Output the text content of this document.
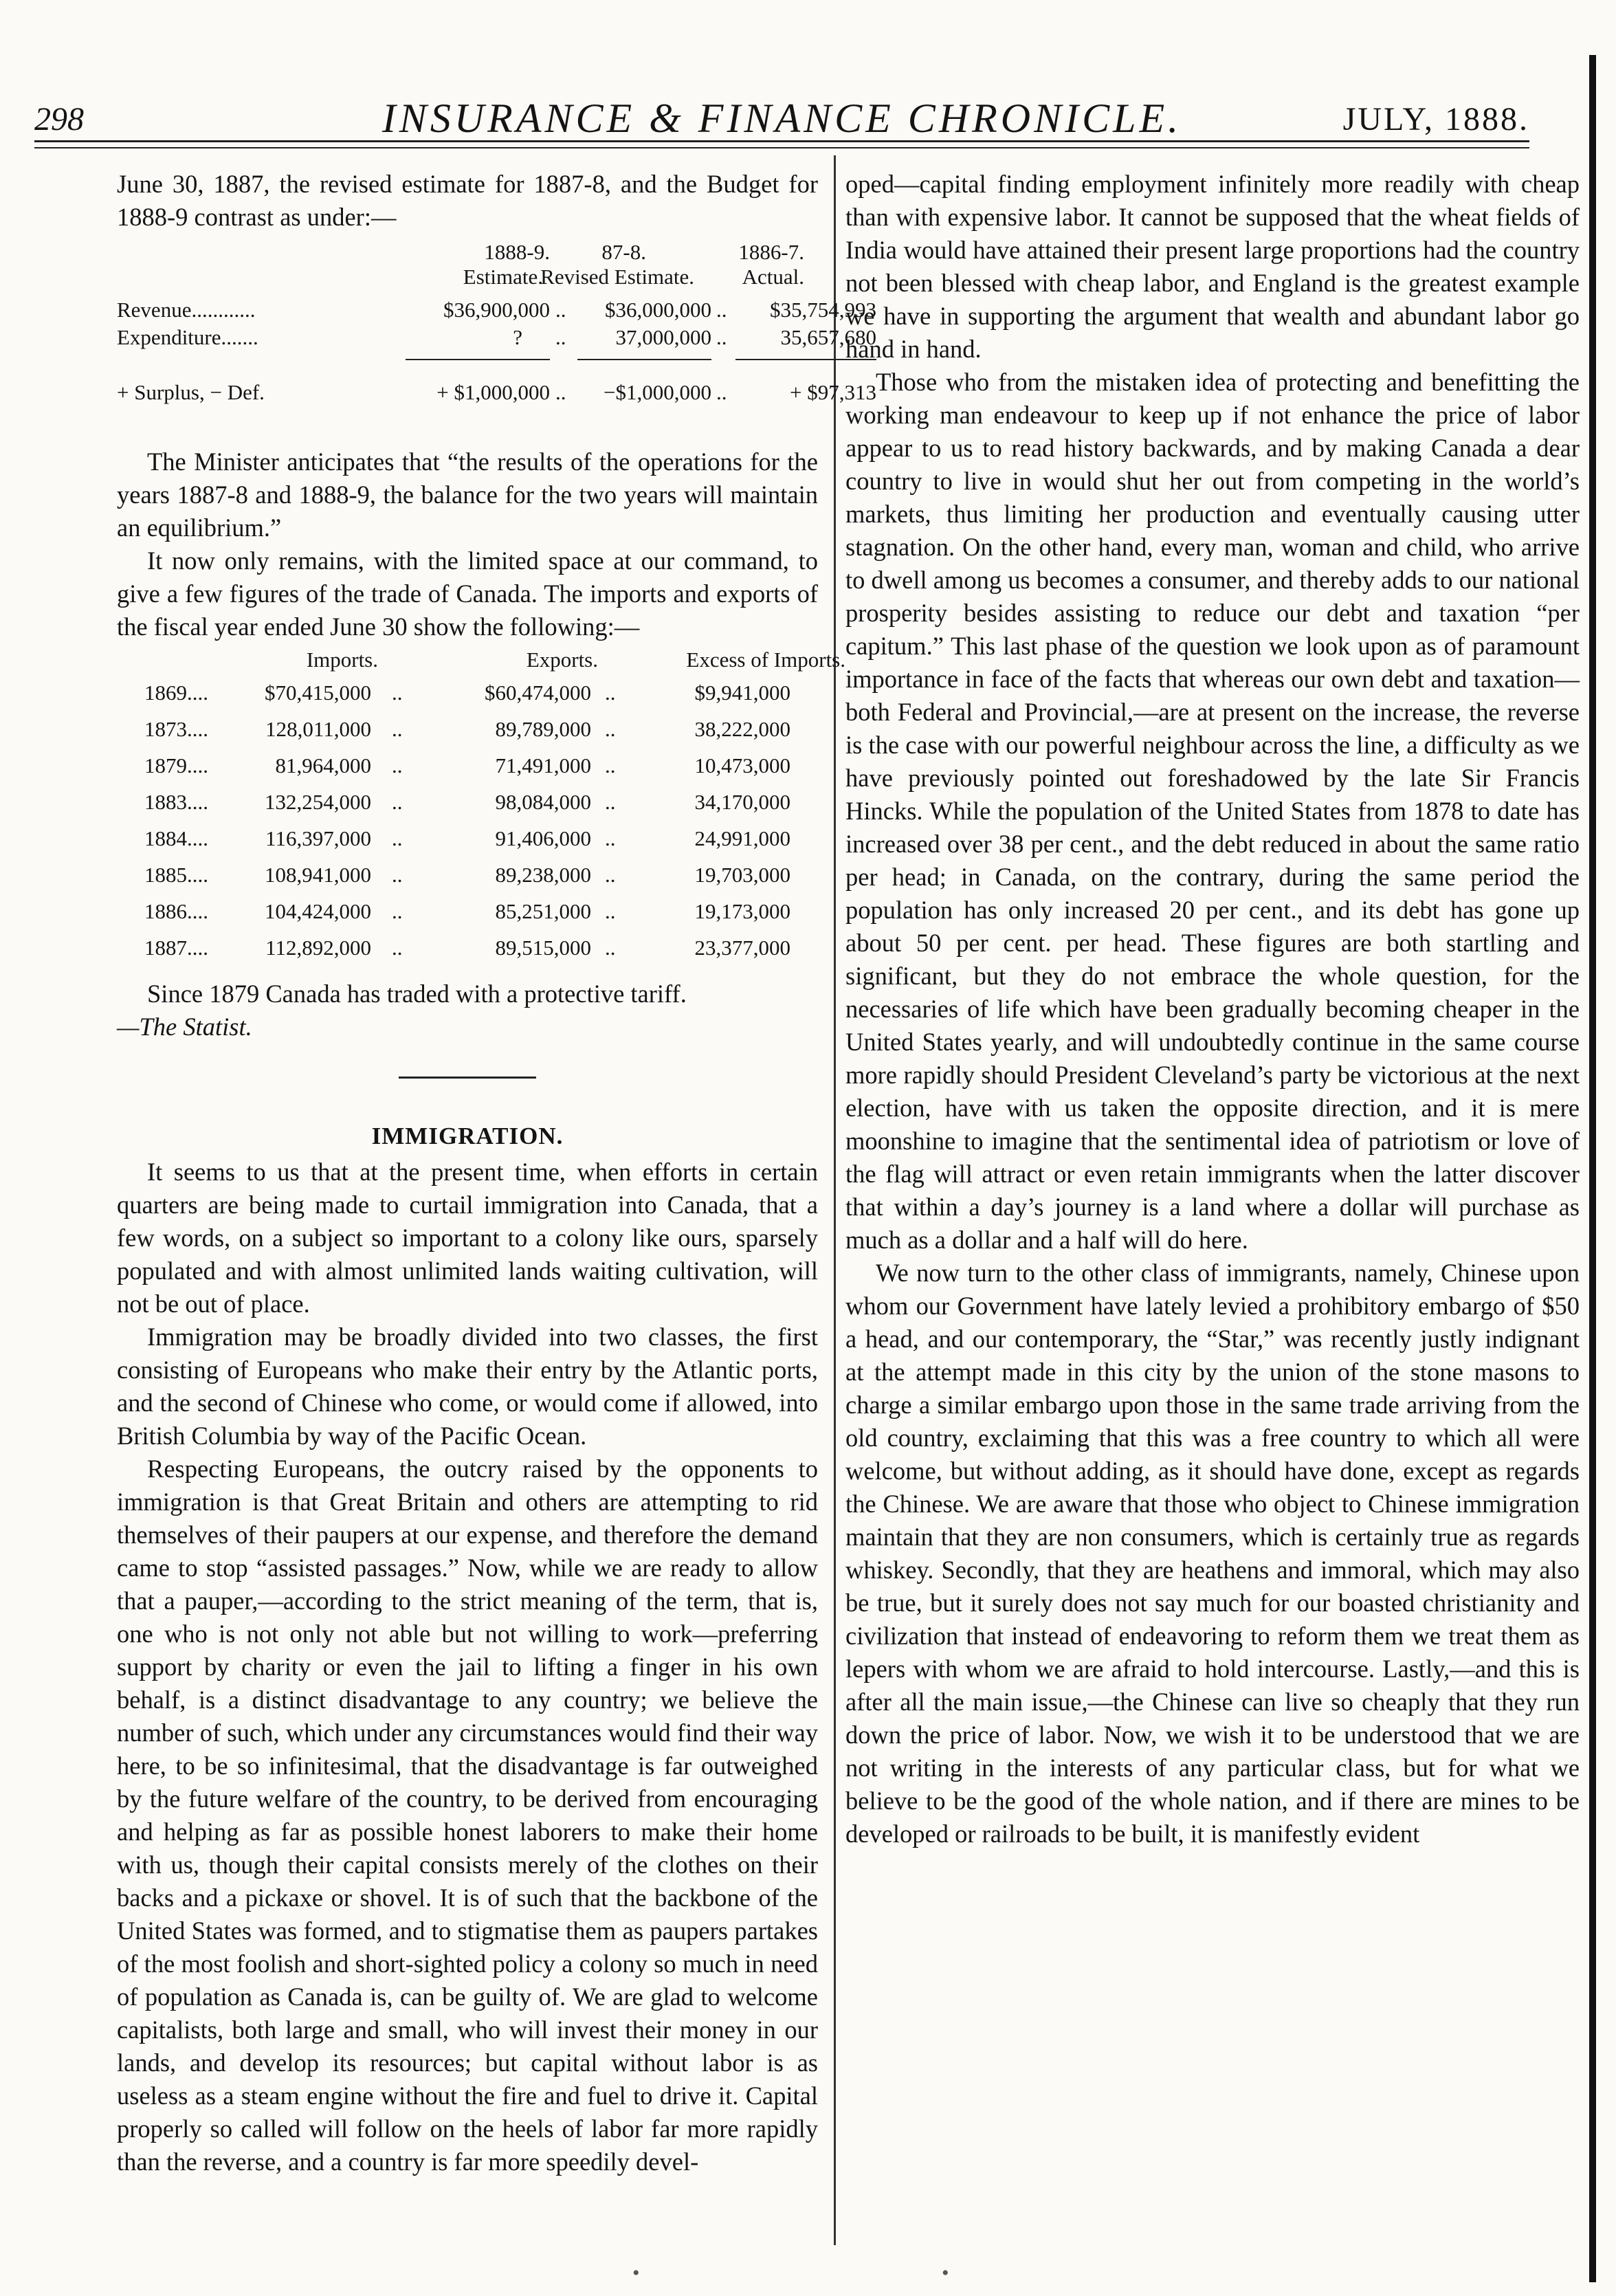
298	INSURANCE & FINANCE CHRONICLE.	JULY, 1888.

June 30, 1887, the revised estimate for 1887-8, and the Budget for 1888-9 contrast as under:—

1888-9.	87-8.	1886-7.
Estimate.
Revised Estimate.	Actual.
Revenue............	$36,900,000 ..	$36,000,000 ..	$35,754,993
Expenditure.......	? ..	37,000,000 ..	35,657,680
+ Surplus, − Def.	+ $1,000,000 ..	−$1,000,000 ..	+ $97,313

The Minister anticipates that “the results of the operations for the years 1887-8 and 1888-9, the balance for the two years will maintain an equilibrium.”

It now only remains, with the limited space at our command, to give a few figures of the trade of Canada. The imports and exports of the fiscal year ended June 30 show the following:—

Imports.	Exports.	Excess of Imports.
1869....	$70,415,000	$60,474,000	$9,941,000
..	..
1873....	128,011,000	89,789,000	38,222,000
..	..
1879....	81,964,000	71,491,000	10,473,000
..	..
1883....	132,254,000	98,084,000	34,170,000
..	..
1884....	116,397,000	91,406,000	24,991,000
..	..
1885....	108,941,000	89,238,000	19,703,000
..	..
1886....	104,424,000	85,251,000	19,173,000
..	..
1887....	112,892,000	89,515,000	23,377,000
..	..

Since 1879 Canada has traded with a protective tariff.

—The Statist.

IMMIGRATION.

It seems to us that at the present time, when efforts in certain quarters are being made to curtail immigration into Canada, that a few words, on a subject so important to a colony like ours, sparsely populated and with almost unlimited lands waiting cultivation, will not be out of place.

Immigration may be broadly divided into two classes, the first consisting of Europeans who make their entry by the Atlantic ports, and the second of Chinese who come, or would come if allowed, into British Columbia by way of the Pacific Ocean.

Respecting Europeans, the outcry raised by the opponents to immigration is that Great Britain and others are attempting to rid themselves of their paupers at our expense, and therefore the demand came to stop “assisted passages.” Now, while we are ready to allow that a pauper,—according to the strict meaning of the term, that is, one who is not only not able but not willing to work—preferring support by charity or even the jail to lifting a finger in his own behalf, is a distinct disadvantage to any country; we believe the number of such, which under any circumstances would find their way here, to be so infinitesimal, that the disadvantage is far outweighed by the future welfare of the country, to be derived from encouraging and helping as far as possible honest laborers to make their home with us, though their capital consists merely of the clothes on their backs and a pickaxe or shovel. It is of such that the backbone of the United States was formed, and to stigmatise them as paupers partakes of the most foolish and short-sighted policy a colony so much in need of population as Canada is, can be guilty of. We are glad to welcome capitalists, both large and small, who will invest their money in our lands, and develop its resources; but capital without labor is as useless as a steam engine without the fire and fuel to drive it. Capital properly so called will follow on the heels of labor far more rapidly than the reverse, and a country is far more speedily devel-

oped—capital finding employment infinitely more readily with cheap than with expensive labor. It cannot be supposed that the wheat fields of India would have attained their present large proportions had the country not been blessed with cheap labor, and England is the greatest example we have in supporting the argument that wealth and abundant labor go hand in hand.

Those who from the mistaken idea of protecting and benefitting the working man endeavour to keep up if not enhance the price of labor appear to us to read history backwards, and by making Canada a dear country to live in would shut her out from competing in the world’s markets, thus limiting her production and eventually causing utter stagnation. On the other hand, every man, woman and child, who arrive to dwell among us becomes a consumer, and thereby adds to our national prosperity besides assisting to reduce our debt and taxation “per capitum.” This last phase of the question we look upon as of paramount importance in face of the facts that whereas our own debt and taxation—both Federal and Provincial,—are at present on the increase, the reverse is the case with our powerful neighbour across the line, a difficulty as we have previously pointed out foreshadowed by the late Sir Francis Hincks. While the population of the United States from 1878 to date has increased over 38 per cent., and the debt reduced in about the same ratio per head; in Canada, on the contrary, during the same period the population has only increased 20 per cent., and its debt has gone up about 50 per cent. per head. These figures are both startling and significant, but they do not embrace the whole question, for the necessaries of life which have been gradually becoming cheaper in the United States yearly, and will undoubtedly continue in the same course more rapidly should President Cleveland’s party be victorious at the next election, have with us taken the opposite direction, and it is mere moonshine to imagine that the sentimental idea of patriotism or love of the flag will attract or even retain immigrants when the latter discover that within a day’s journey is a land where a dollar will purchase as much as a dollar and a half will do here.

We now turn to the other class of immigrants, namely, Chinese upon whom our Government have lately levied a prohibitory embargo of $50 a head, and our contemporary, the “Star,” was recently justly indignant at the attempt made in this city by the union of the stone masons to charge a similar embargo upon those in the same trade arriving from the old country, exclaiming that this was a free country to which all were welcome, but without adding, as it should have done, except as regards the Chinese. We are aware that those who object to Chinese immigration maintain that they are non consumers, which is certainly true as regards whiskey. Secondly, that they are heathens and immoral, which may also be true, but it surely does not say much for our boasted christianity and civilization that instead of endeavoring to reform them we treat them as lepers with whom we are afraid to hold intercourse. Lastly,—and this is after all the main issue,—the Chinese can live so cheaply that they run down the price of labor. Now, we wish it to be understood that we are not writing in the interests of any particular class, but for what we believe to be the good of the whole nation, and if there are mines to be developed or railroads to be built, it is manifestly evident

•	•
